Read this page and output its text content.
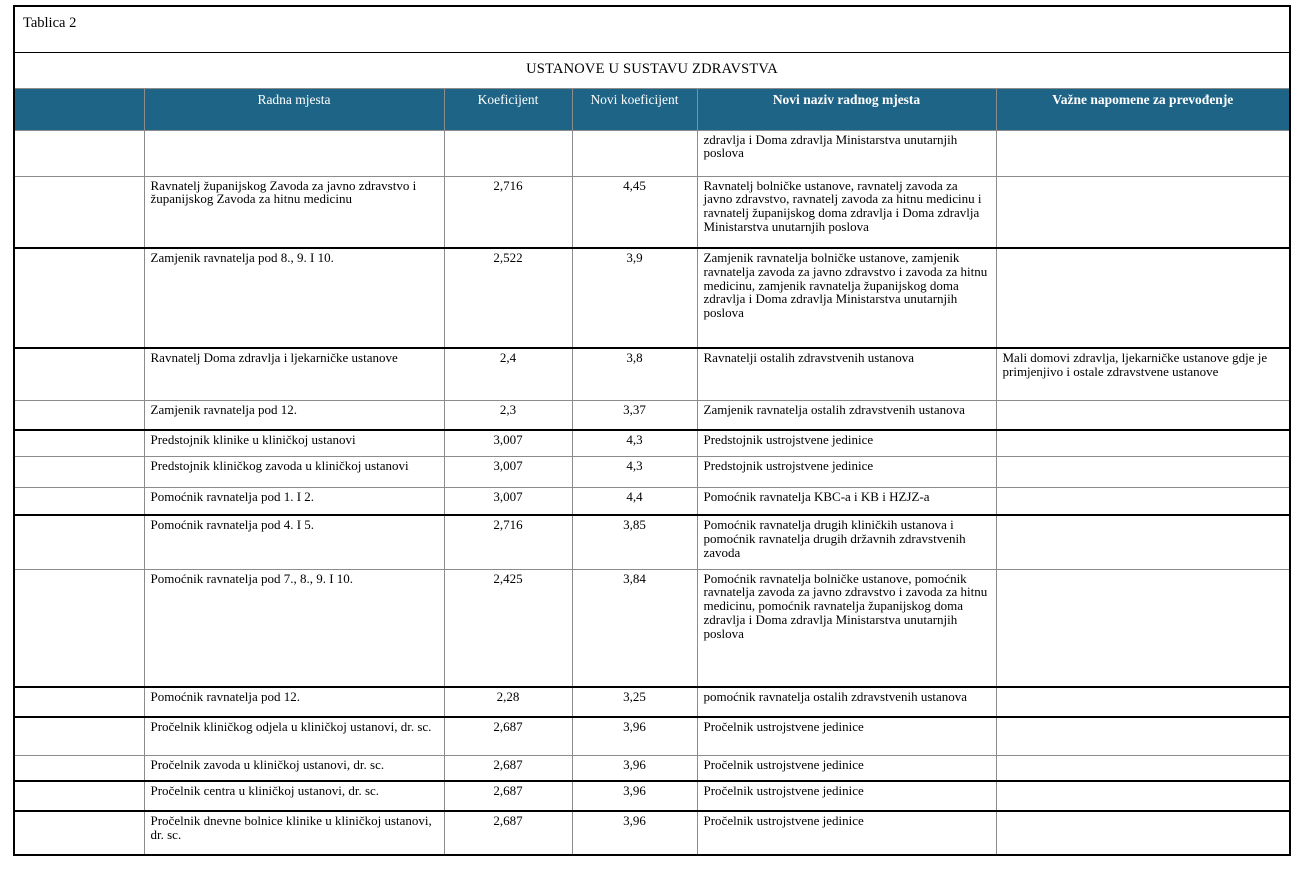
Tablica 2					
USTANOVE U SUSTAVU ZDRAVSTVA					
	Radna mjesta	Koeficijent	Novi koeficijent	Novi naziv radnog mjesta	Važne napomene za prevođenje
				zdravlja i Doma zdravlja Ministarstva unutarnjih poslova	
	Ravnatelj županijskog Zavoda za javno zdravstvo i županijskog Zavoda za hitnu medicinu	2,716	4,45	Ravnatelj bolničke ustanove, ravnatelj zavoda za javno zdravstvo, ravnatelj zavoda za hitnu medicinu i ravnatelj županijskog doma zdravlja i Doma zdravlja Ministarstva unutarnjih poslova	
	Zamjenik ravnatelja pod 8., 9. I 10.	2,522	3,9	Zamjenik ravnatelja bolničke ustanove, zamjenik ravnatelja zavoda za javno zdravstvo i zavoda za hitnu medicinu, zamjenik ravnatelja županijskog doma zdravlja i Doma zdravlja Ministarstva unutarnjih poslova	
	Ravnatelj Doma zdravlja i ljekarničke ustanove	2,4	3,8	Ravnatelji ostalih zdravstvenih ustanova	Mali domovi zdravlja, ljekarničke ustanove gdje je primjenjivo i ostale zdravstvene ustanove
	Zamjenik ravnatelja pod 12.	2,3	3,37	Zamjenik ravnatelja ostalih zdravstvenih ustanova	
	Predstojnik klinike u kliničkoj ustanovi	3,007	4,3	Predstojnik ustrojstvene jedinice	
	Predstojnik kliničkog zavoda u kliničkoj ustanovi	3,007	4,3	Predstojnik ustrojstvene jedinice	
	Pomoćnik ravnatelja pod 1. I 2.	3,007	4,4	Pomoćnik ravnatelja KBC-a i KB i HZJZ-a	
	Pomoćnik ravnatelja pod 4. I 5.	2,716	3,85	Pomoćnik ravnatelja drugih kliničkih ustanova i pomoćnik ravnatelja drugih državnih zdravstvenih zavoda	
	Pomoćnik ravnatelja pod 7., 8., 9. I 10.	2,425	3,84	Pomoćnik ravnatelja bolničke ustanove, pomoćnik ravnatelja zavoda za javno zdravstvo i zavoda za hitnu medicinu, pomoćnik ravnatelja županijskog doma zdravlja i Doma zdravlja Ministarstva unutarnjih poslova	
	Pomoćnik ravnatelja pod 12.	2,28	3,25	pomoćnik ravnatelja ostalih zdravstvenih ustanova	
	Pročelnik kliničkog odjela u kliničkoj ustanovi, dr. sc.	2,687	3,96	Pročelnik ustrojstvene jedinice	
	Pročelnik zavoda u kliničkoj ustanovi, dr. sc.	2,687	3,96	Pročelnik ustrojstvene jedinice	
	Pročelnik centra u kliničkoj ustanovi, dr. sc.	2,687	3,96	Pročelnik ustrojstvene jedinice	
	Pročelnik dnevne bolnice klinike u kliničkoj ustanovi, dr. sc.	2,687	3,96	Pročelnik ustrojstvene jedinice	
